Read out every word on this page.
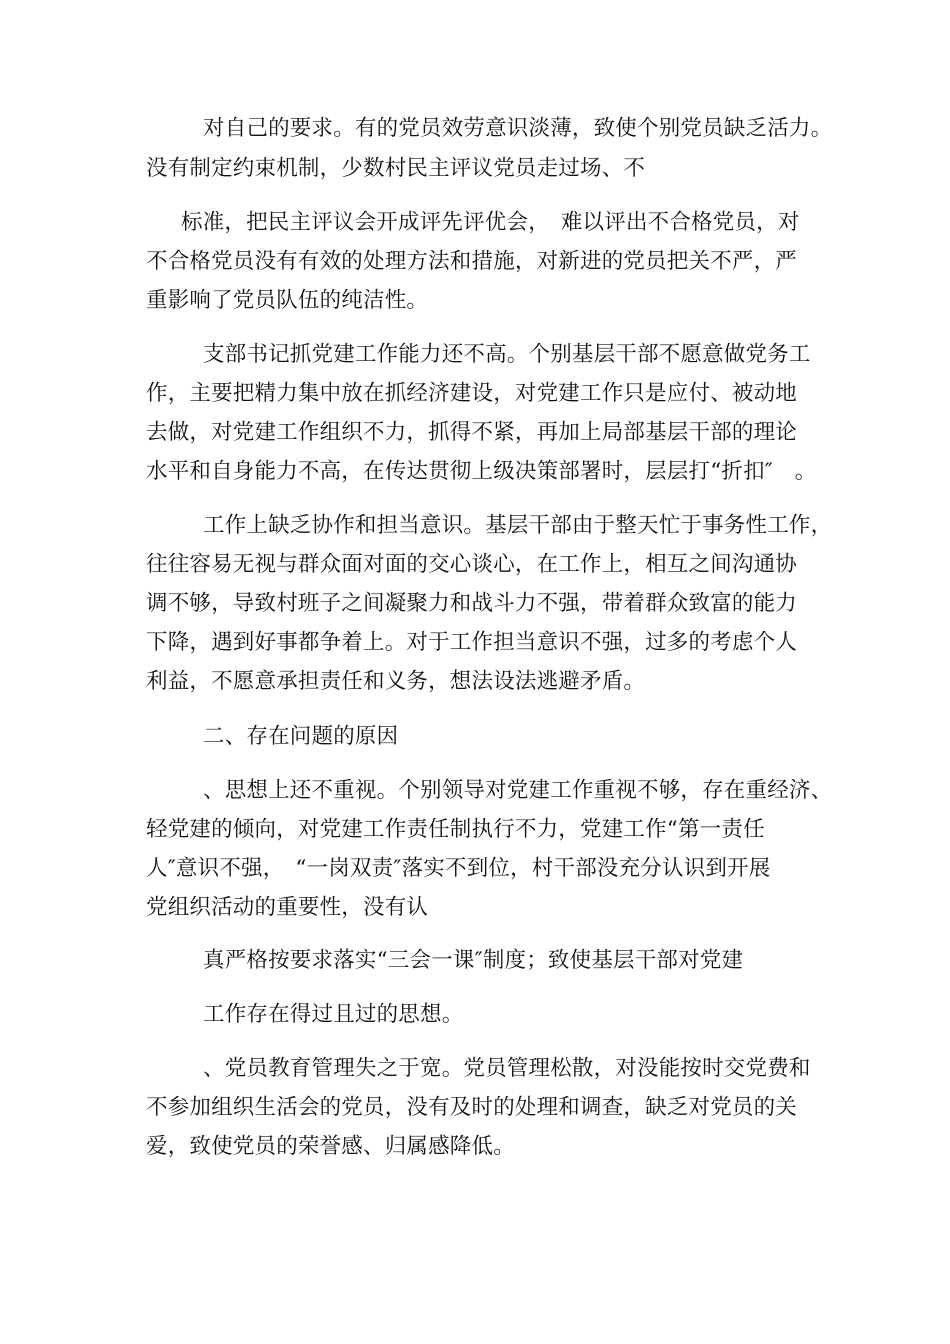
对自己的要求。有的党员效劳意识淡薄，致使个别党员缺乏活力。
没有制定约束机制，少数村民主评议党员走过场、不
标准，把民主评议会开成评先评优会，　难以评出不合格党员，对
不合格党员没有有效的处理方法和措施，对新进的党员把关不严，严
重影响了党员队伍的纯洁性。
支部书记抓党建工作能力还不高。个别基层干部不愿意做党务工
作，主要把精力集中放在抓经济建设，对党建工作只是应付、被动地
去做，对党建工作组织不力，抓得不紧，再加上局部基层干部的理论
水平和自身能力不高，在传达贯彻上级决策部署时，层层打“折扣″　。
工作上缺乏协作和担当意识。基层干部由于整天忙于事务性工作，
往往容易无视与群众面对面的交心谈心，在工作上，相互之间沟通协
调不够，导致村班子之间凝聚力和战斗力不强，带着群众致富的能力
下降，遇到好事都争着上。对于工作担当意识不强，过多的考虑个人
利益，不愿意承担责任和义务，想法设法逃避矛盾。
二、存在问题的原因
、思想上还不重视。个别领导对党建工作重视不够，存在重经济、
轻党建的倾向，对党建工作责任制执行不力，党建工作“第一责任
人″意识不强，　“一岗双责″落实不到位，村干部没充分认识到开展
党组织活动的重要性，没有认
真严格按要求落实“三会一课″制度；致使基层干部对党建
工作存在得过且过的思想。
、党员教育管理失之于宽。党员管理松散，对没能按时交党费和
不参加组织生活会的党员，没有及时的处理和调查，缺乏对党员的关
爱，致使党员的荣誉感、归属感降低。
